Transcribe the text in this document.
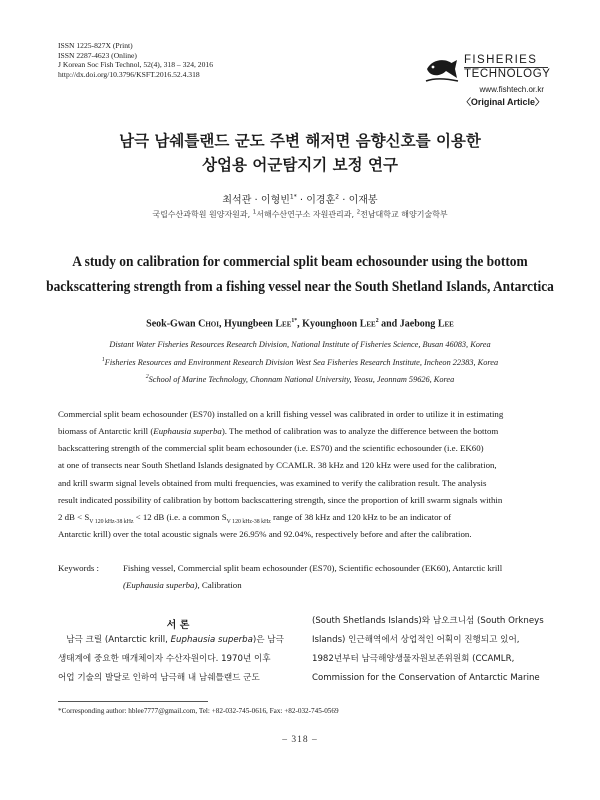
ISSN 1225-827X (Print)
ISSN 2287-4623 (Online)
J Korean Soc Fish Technol, 52(4), 318 – 324, 2016
http://dx.doi.org/10.3796/KSFT.2016.52.4.318
FISHERIES
TECHNOLOGY
www.fishtech.or.kr
〈Original Article〉
남극 남쉐틀랜드 군도 주변 해저면 음향신호를 이용한
상업용 어군탐지기 보정 연구
최석관 · 이형빈$^{1*}$ · 이경훈$^2$ · 이재봉
국립수산과학원 원양자원과, $^1$서해수산연구소 자원관리과, $^2$전남대학교 해양기술학부
A study on calibration for commercial split beam echosounder using the bottom
backscattering strength from a fishing vessel near the South Shetland Islands, Antarctica
Seok-Gwan Choi, Hyungbeen Lee$^{1*}$, Kyounghoon Lee$^2$ and Jaebong Lee
Distant Water Fisheries Resources Research Division, National Institute of Fisheries Science, Busan 46083, Korea
$^1$Fisheries Resources and Environment Research Division West Sea Fisheries Research Institute, Incheon 22383, Korea
$^2$School of Marine Technology, Chonnam National University, Yeosu, Jeonnam 59626, Korea
Commercial split beam echosounder (ES70) installed on a krill fishing vessel was calibrated in order to utilize it in estimating
biomass of Antarctic krill (Euphausia superba). The method of calibration was to analyze the difference between the bottom
backscattering strength of the commercial split beam echosounder (i.e. ES70) and the scientific echosounder (i.e. EK60)
at one of transects near South Shetland Islands designated by CCAMLR. 38 kHz and 120 kHz were used for the calibration,
and krill swarm signal levels obtained from multi frequencies, was examined to verify the calibration result. The analysis
result indicated possibility of calibration by bottom backscattering strength, since the proportion of krill swarm signals within
2 dB < $S_{V 120 kHz-38 kHz} < 12$ dB (i.e. a common $S_{V 120 kHz-38 kHz}$ range of 38 kHz and 120 kHz to be an indicator of
Antarctic krill) over the total acoustic signals were 26.95% and 92.04%, respectively before and after the calibration.
Keywords :	Fishing vessel, Commercial split beam echosounder (ES70), Scientific echosounder (EK60), Antarctic krill
(Euphausia superba), Calibration
서 론
남극 크릴 (Antarctic krill, Euphausia superba)은 남극
생태계에 중요한 매개체이자 수산자원이다. 1970년 이후
어업 기술의 발달로 인하여 남극해 내 남쉐틀랜드 군도
(South Shetlands Islands)와 남오크니섬 (South Orkneys
Islands) 인근해역에서 상업적인 어획이 진행되고 있어,
1982년부터 남극해양생물자원보존위원회 (CCAMLR,
Commission for the Conservation of Antarctic Marine
*Corresponding author: hblee7777@gmail.com, Tel: +82-032-745-0616, Fax: +82-032-745-0569
– 318 –
